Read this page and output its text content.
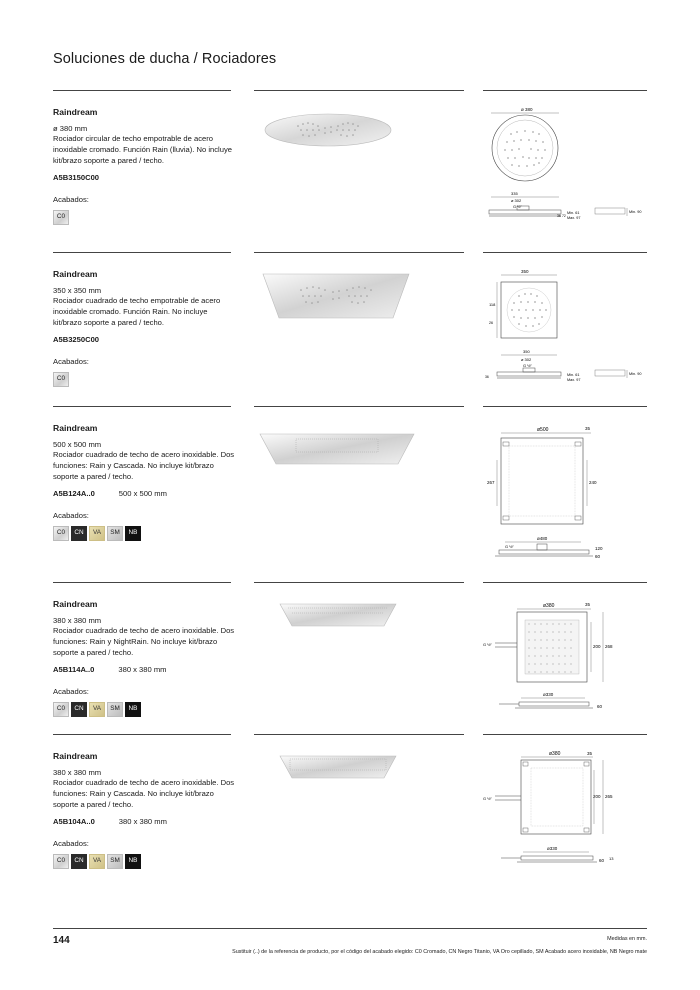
Soluciones de ducha / Rociadores
Raindream
ø 380 mm
Rociador circular de techo empotrable de acero inoxidable cromado. Función Rain (lluvia). No incluye kit/brazo soporte a pared / techo.
A5B3150C00
Acabados:
C0
ø 380
335
ø 302
G ½"
Min. 61
Max. 97
72
36
Min. 90
Raindream
350 x 350 mm
Rociador cuadrado de techo empotrable de acero inoxidable cromado. Función Rain. No incluye kit/brazo soporte a pared / techo.
A5B3250C00
Acabados:
C0
350
118
26
350
ø 302
G ½"
36	Min. 61
Max. 97
Min. 90
Raindream
500 x 500 mm
Rociador cuadrado de techo de acero inoxidable. Dos funciones: Rain y Cascada. No incluye kit/brazo soporte a pared / techo.
A5B124A..0	500 x 500 mm
Acabados:
C0	CN	VA	SM	NB
ø500	35
267	240
ø480
G ½"	120
60
Raindream
380 x 380 mm
Rociador cuadrado de techo de acero inoxidable. Dos funciones: Rain y NightRain. No incluye kit/brazo soporte a pared / techo.
A5B114A..0	380 x 380 mm
Acabados:
C0	CN	VA	SM	NB
ø380	35
G ½"	200 268
ø330
60
Raindream
380 x 380 mm
Rociador cuadrado de techo de acero inoxidable. Dos funciones: Rain y Cascada. No incluye kit/brazo soporte a pared / techo.
A5B104A..0	380 x 380 mm
Acabados:
C0	CN	VA	SM	NB
ø380	35
G ½"	200 265
ø330
60 13
144	Medidas en mm.
Sustituir (..) de la referencia de producto, por el código del acabado elegido: C0 Cromado, CN Negro Titanio, VA Oro cepillado, SM Acabado acero inoxidable, NB Negro mate
